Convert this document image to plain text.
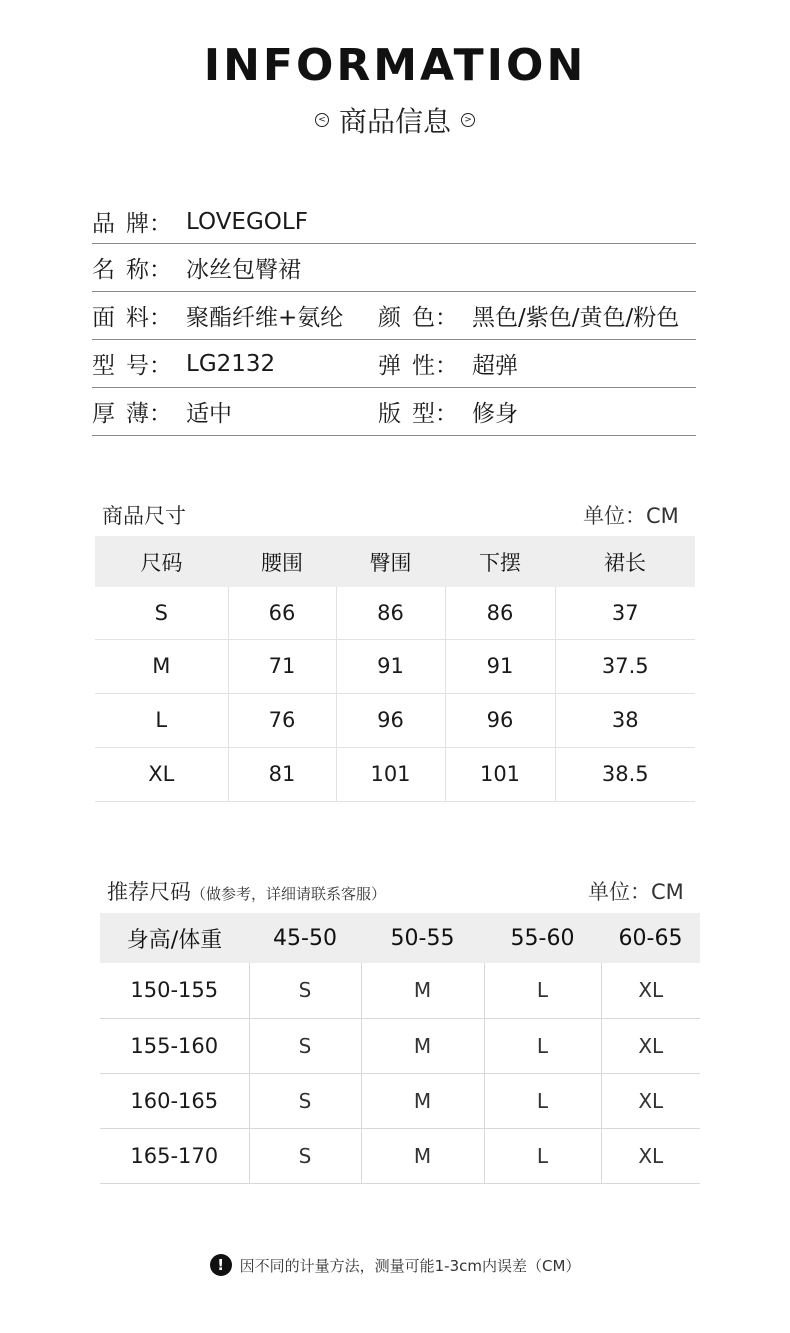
INFORMATION
< 商品信息	>
品 牌： LOVEGOLF
名 称： 冰丝包臀裙
面 料： 聚酯纤维+氨纶 颜 色： 黑色/紫色/黄色/粉色
型 号： LG2132	弹 性： 超弹
厚 薄： 适中	版 型： 修身
商品尺寸	单位：CM
尺码	腰围	臀围	下摆	裙长
S	66	86	86	37
M	71	91	91	37.5
L	76	96	96	38
XL	81	101	101	38.5
推荐尺码（做参考，详细请联系客服）	单位：CM
身高/体重	45-50	50-55	55-60	60-65
150-155	S	M	L	XL
155-160	S	M	L	XL
160-165	S	M	L	XL
165-170	S	M	L	XL
!	因不同的计量方法，测量可能1-3cm内误差（CM）
